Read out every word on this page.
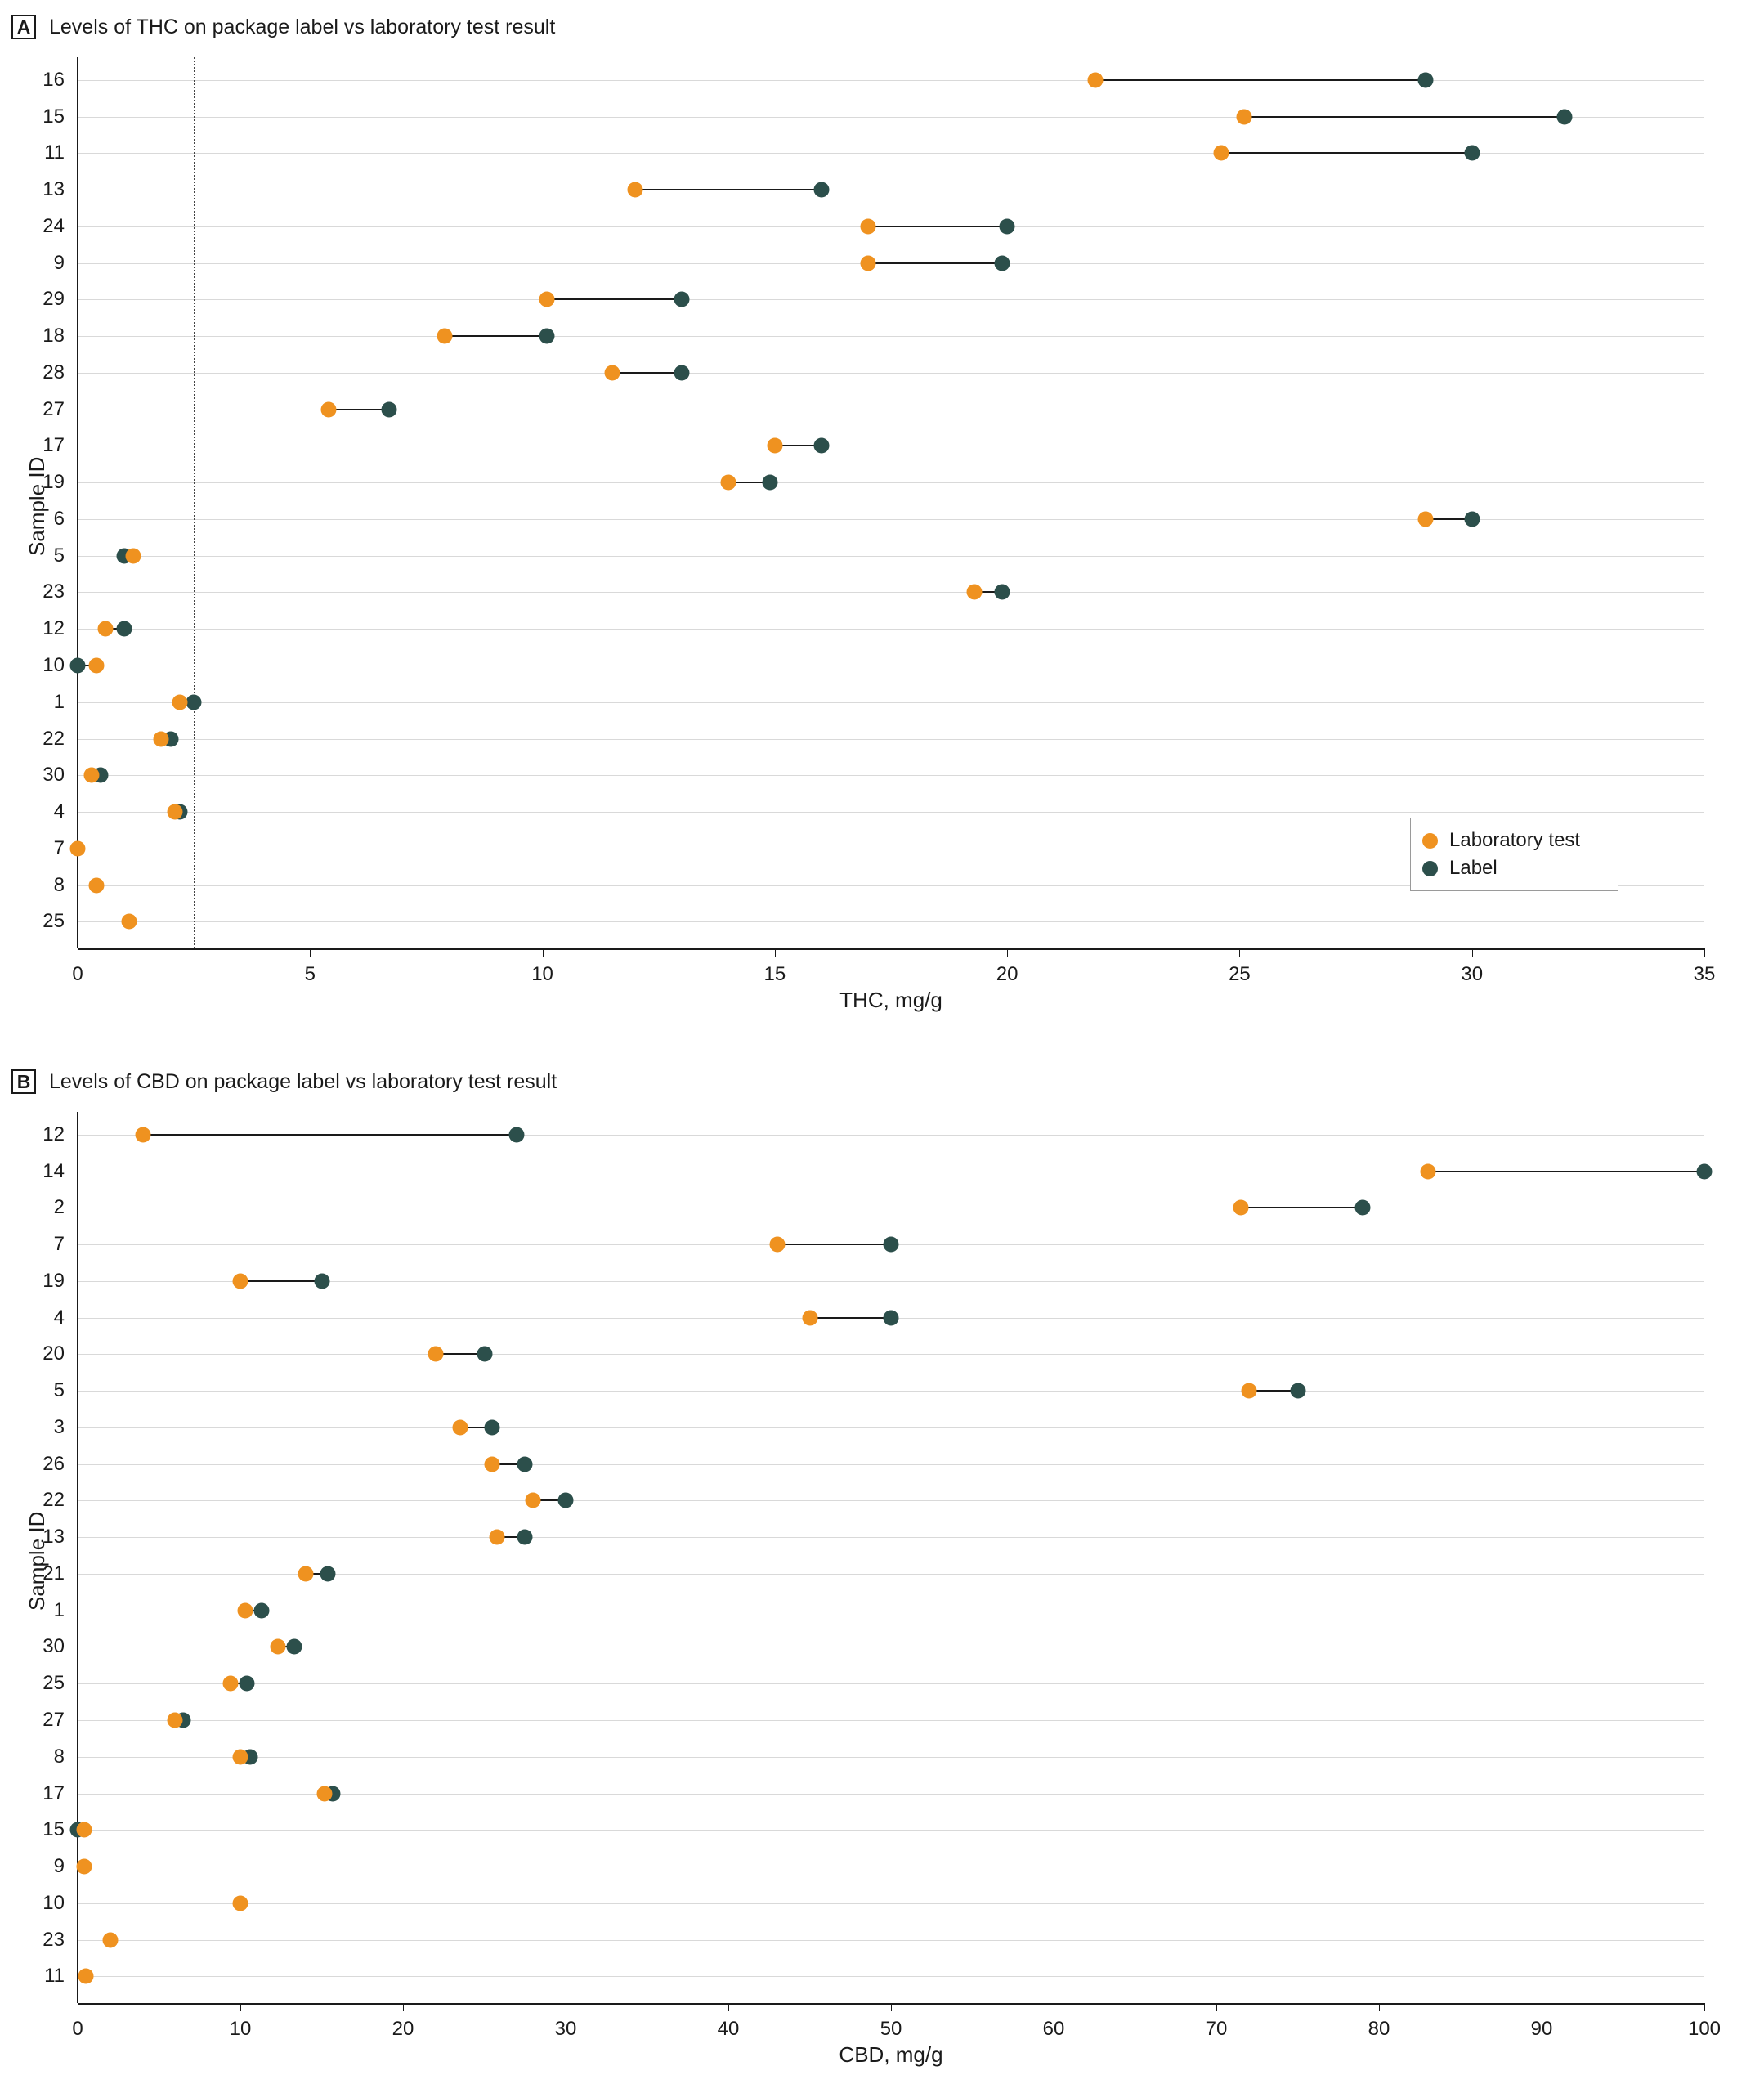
A Levels of THC on package label vs laboratory test result
16
15
11
13
24
9
29
18
28
27
17
19
6
5
23
12
10
1
22
30
4
7
8
25
0	5	10	15	20	25	30	35
Sample ID
THC, mg/g
Laboratory test
Label
B Levels of CBD on package label vs laboratory test result
12
14
2
7
19
4
20
5
3
26
22
13
21
1
30
25
27
8
17
15
9
10
23
11
0	10	20	30	40	50	60	70	80	90	100
Sample ID
CBD, mg/g
